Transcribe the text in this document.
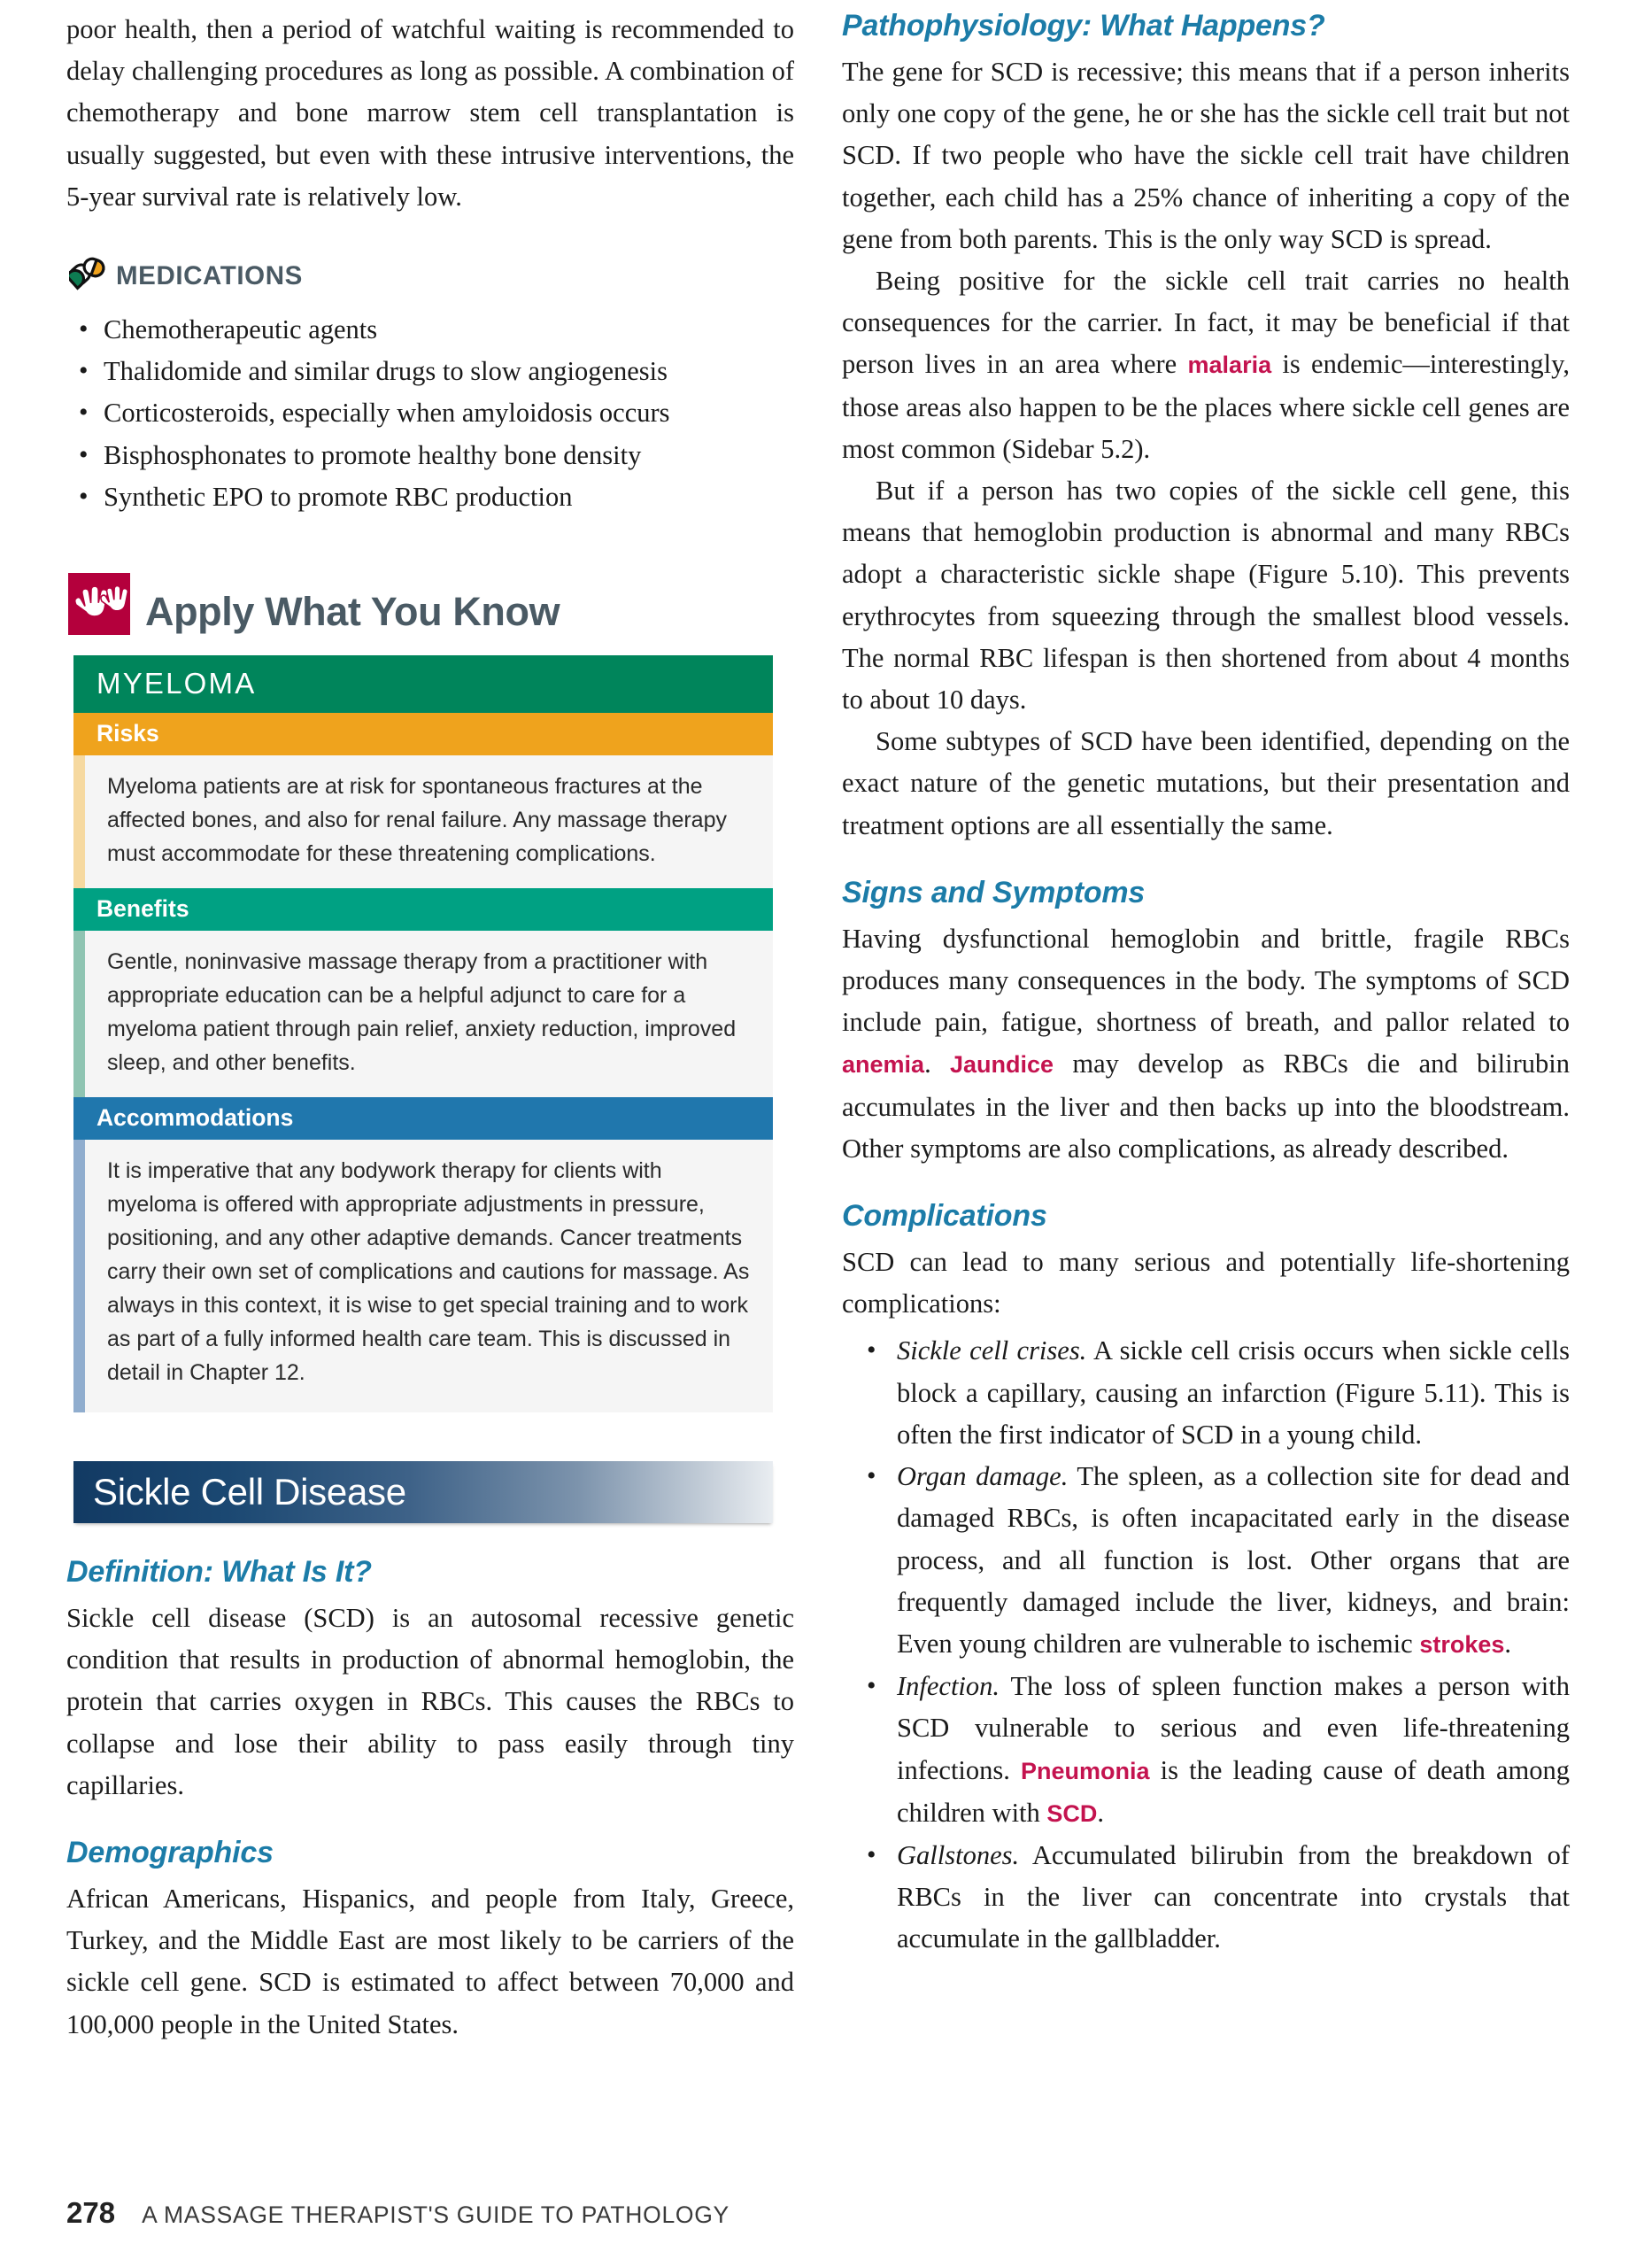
poor health, then a period of watchful waiting is recommended to delay challenging procedures as long as possible. A combination of chemotherapy and bone marrow stem cell transplantation is usually suggested, but even with these intrusive interventions, the 5-year survival rate is relatively low.

MEDICATIONS
• Chemotherapeutic agents
• Thalidomide and similar drugs to slow angiogenesis
• Corticosteroids, especially when amyloidosis occurs
• Bisphosphonates to promote healthy bone density
• Synthetic EPO to promote RBC production
Apply What You Know
MYELOMA
Risks
Myeloma patients are at risk for spontaneous fractures at the affected bones, and also for renal failure. Any massage therapy must accommodate for these threatening complications.
Benefits
Gentle, noninvasive massage therapy from a practitioner with appropriate education can be a helpful adjunct to care for a myeloma patient through pain relief, anxiety reduction, improved sleep, and other benefits.
Accommodations
It is imperative that any bodywork therapy for clients with myeloma is offered with appropriate adjustments in pressure, positioning, and any other adaptive demands. Cancer treatments carry their own set of complications and cautions for massage. As always in this context, it is wise to get special training and to work as part of a fully informed health care team. This is discussed in detail in Chapter 12.
Sickle Cell Disease
Definition: What Is It?

Sickle cell disease (SCD) is an autosomal recessive genetic condition that results in production of abnormal hemoglobin, the protein that carries oxygen in RBCs. This causes the RBCs to collapse and lose their ability to pass easily through tiny capillaries.

Demographics

African Americans, Hispanics, and people from Italy, Greece, Turkey, and the Middle East are most likely to be carriers of the sickle cell gene. SCD is estimated to affect between 70,000 and 100,000 people in the United States.

Pathophysiology: What Happens?

The gene for SCD is recessive; this means that if a person inherits only one copy of the gene, he or she has the sickle cell trait but not SCD. If two people who have the sickle cell trait have children together, each child has a 25% chance of inheriting a copy of the gene from both parents. This is the only way SCD is spread.

Being positive for the sickle cell trait carries no health consequences for the carrier. In fact, it may be beneficial if that person lives in an area where malaria is endemic—interestingly, those areas also happen to be the places where sickle cell genes are most common (Sidebar 5.2).

But if a person has two copies of the sickle cell gene, this means that hemoglobin production is abnormal and many RBCs adopt a characteristic sickle shape (Figure 5.10). This prevents erythrocytes from squeezing through the smallest blood vessels. The normal RBC lifespan is then shortened from about 4 months to about 10 days.

Some subtypes of SCD have been identified, depending on the exact nature of the genetic mutations, but their presentation and treatment options are all essentially the same.

Signs and Symptoms

Having dysfunctional hemoglobin and brittle, fragile RBCs produces many consequences in the body. The symptoms of SCD include pain, fatigue, shortness of breath, and pallor related to anemia. Jaundice may develop as RBCs die and bilirubin accumulates in the liver and then backs up into the bloodstream. Other symptoms are also complications, as already described.

Complications

SCD can lead to many serious and potentially life-shortening complications:

• Sickle cell crises. A sickle cell crisis occurs when sickle cells block a capillary, causing an infarction (Figure 5.11). This is often the first indicator of SCD in a young child.
• Organ damage. The spleen, as a collection site for dead and damaged RBCs, is often incapacitated early in the disease process, and all function is lost. Other organs that are frequently damaged include the liver, kidneys, and brain: Even young children are vulnerable to ischemic strokes.
• Infection. The loss of spleen function makes a person with SCD vulnerable to serious and even life-threatening infections. Pneumonia is the leading cause of death among children with SCD.
• Gallstones. Accumulated bilirubin from the breakdown of RBCs in the liver can concentrate into crystals that accumulate in the gallbladder.
278 A MASSAGE THERAPIST'S GUIDE TO PATHOLOGY
